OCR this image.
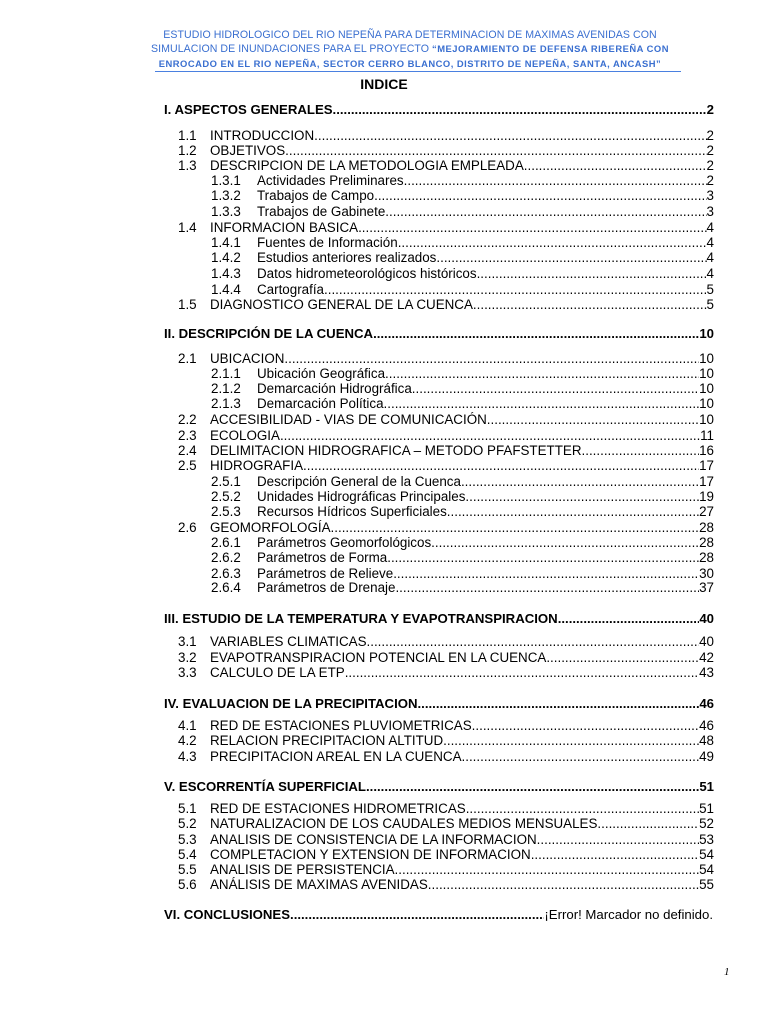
ESTUDIO HIDROLOGICO DEL RIO NEPEÑA PARA DETERMINACION DE MAXIMAS AVENIDAS CON
SIMULACION DE INUNDACIONES PARA EL PROYECTO “MEJORAMIENTO DE DEFENSA RIBEREÑA CON
ENROCADO EN EL RIO NEPEÑA, SECTOR CERRO BLANCO, DISTRITO DE NEPEÑA, SANTA, ANCASH”
INDICE
I. ASPECTOS GENERALES .....	2
1.1 INTRODUCCION .....	2
1.2 OBJETIVOS .....	2
1.3 DESCRIPCION DE LA METODOLOGIA EMPLEADA .....	2
1.3.1 Actividades Preliminares .....	2
1.3.2 Trabajos de Campo .....	3
1.3.3 Trabajos de Gabinete .....	3
1.4 INFORMACION BASICA .....	4
1.4.1 Fuentes de Información .....	4
1.4.2 Estudios anteriores realizados .....	4
1.4.3 Datos hidrometeorológicos históricos .....	4
1.4.4 Cartografía .....	5
1.5 DIAGNOSTICO GENERAL DE LA CUENCA .....	5
II. DESCRIPCIÓN DE LA CUENCA .....	10
2.1 UBICACION .....	10
2.1.1 Ubicación Geográfica .....	10
2.1.2 Demarcación Hidrográfica .....	10
2.1.3 Demarcación Política .....	10
2.2 ACCESIBILIDAD - VIAS DE COMUNICACIÓN .....	10
2.3 ECOLOGIA .....	11
2.4 DELIMITACION HIDROGRAFICA – METODO PFAFSTETTER .....	16
2.5 HIDROGRAFIA .....	17
2.5.1 Descripción General de la Cuenca .....	17
2.5.2 Unidades Hidrográficas Principales .....	19
2.5.3 Recursos Hídricos Superficiales .....	27
2.6 GEOMORFOLOGÍA .....	28
2.6.1 Parámetros Geomorfológicos .....	28
2.6.2 Parámetros de Forma .....	28
2.6.3 Parámetros de Relieve .....	30
2.6.4 Parámetros de Drenaje .....	37
III. ESTUDIO DE LA TEMPERATURA Y EVAPOTRANSPIRACION .....	40
3.1 VARIABLES CLIMATICAS .....	40
3.2 EVAPOTRANSPIRACION POTENCIAL EN LA CUENCA .....	42
3.3 CALCULO DE LA ETP .....	43
IV. EVALUACION DE LA PRECIPITACION .....	46
4.1 RED DE ESTACIONES PLUVIOMETRICAS .....	46
4.2 RELACION PRECIPITACION ALTITUD .....	48
4.3 PRECIPITACION AREAL EN LA CUENCA .....	49
V. ESCORRENTÍA SUPERFICIAL .....	51
5.1 RED DE ESTACIONES HIDROMETRICAS .....	51
5.2 NATURALIZACION DE LOS CAUDALES MEDIOS MENSUALES .....	52
5.3 ANALISIS DE CONSISTENCIA DE LA INFORMACION .....	53
5.4 COMPLETACION Y EXTENSION DE INFORMACION .....	54
5.5 ANALISIS DE PERSISTENCIA .....	54
5.6 ANÁLISIS DE MAXIMAS AVENIDAS .....	55
VI. CONCLUSIONES .....	¡Error! Marcador no definido.
1
